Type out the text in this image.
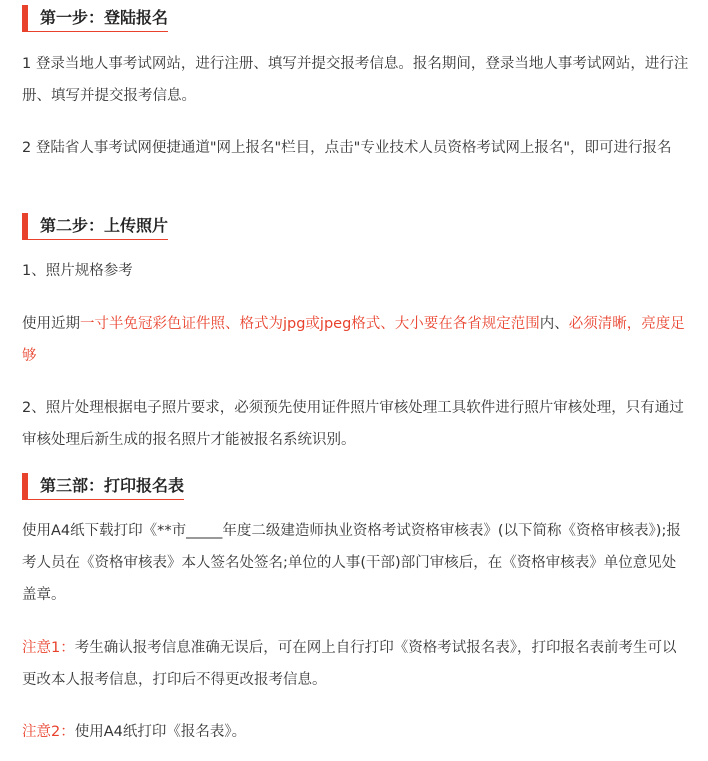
第一步：登陆报名
1 登录当地人事考试网站，进行注册、填写并提交报考信息。报名期间，登录当地人事考试网站，进行注册、填写并提交报考信息。
2 登陆省人事考试网便捷通道"网上报名"栏目，点击"专业技术人员资格考试网上报名"，即可进行报名
第二步：上传照片
1、照片规格参考
使用近期一寸半免冠彩色证件照、格式为jpg或jpeg格式、大小要在各省规定范围内、必须清晰，亮度足够
2、照片处理根据电子照片要求，必须预先使用证件照片审核处理工具软件进行照片审核处理，只有通过审核处理后新生成的报名照片才能被报名系统识别。
第三部：打印报名表
使用A4纸下载打印《**市_____年度二级建造师执业资格考试资格审核表》(以下简称《资格审核表》);报考人员在《资格审核表》本人签名处签名;单位的人事(干部)部门审核后，在《资格审核表》单位意见处盖章。
注意1：考生确认报考信息准确无误后，可在网上自行打印《资格考试报名表》，打印报名表前考生可以更改本人报考信息，打印后不得更改报考信息。
注意2：使用A4纸打印《报名表》。
